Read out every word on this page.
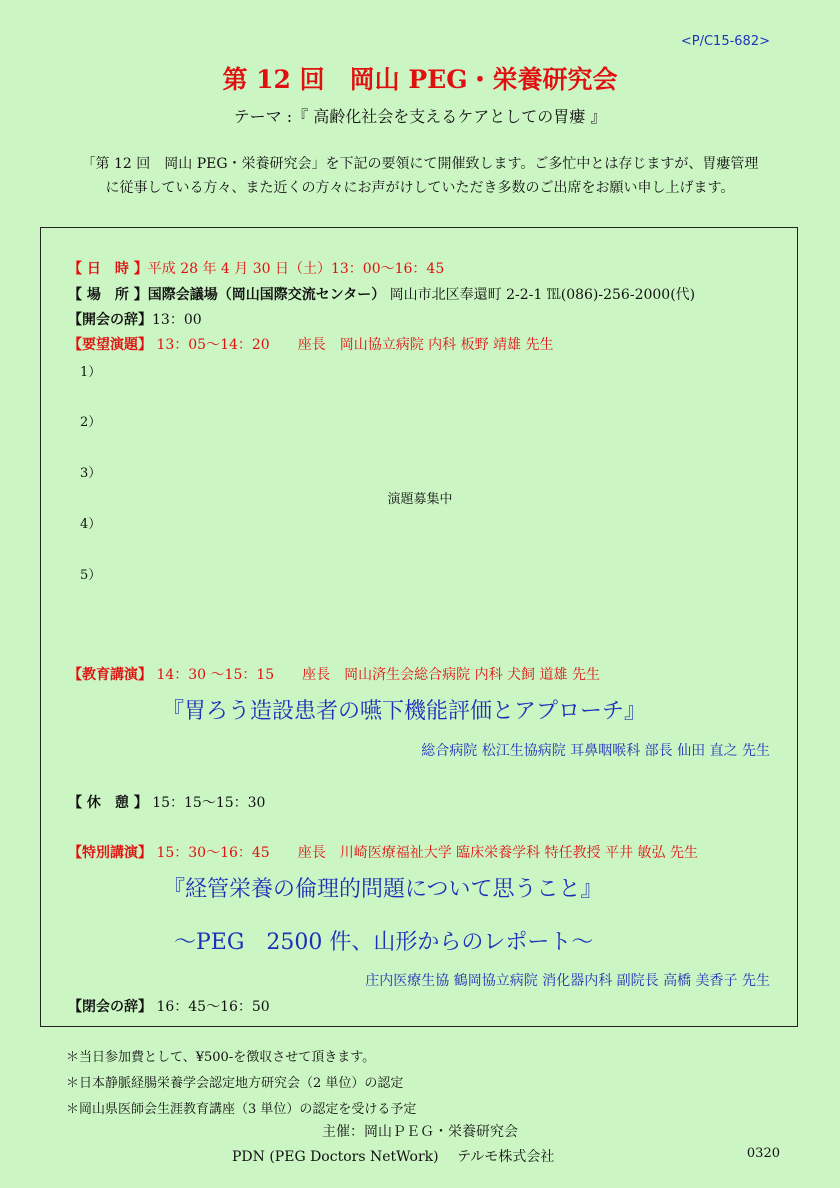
<P/C15-682>
第 12 回　岡山 PEG・栄養研究会
テーマ :『 高齢化社会を支えるケアとしての胃瘻 』
「第 12 回　岡山 PEG・栄養研究会」を下記の要領にて開催致します。ご多忙中とは存じますが、胃瘻管理
に従事している方々、また近くの方々にお声がけしていただき多数のご出席をお願い申し上げます。
【 日　時 】平成 28 年 4 月 30 日（土）13：00〜16：45
【 場　所 】国際会議場（岡山国際交流センター） 岡山市北区奉還町 2-2-1 ℡(086)-256-2000(代)
【開会の辞】13：00
【要望演題】 13：05〜14：20　　座長　岡山協立病院 内科 板野 靖雄 先生
1）
2）
3）
4）
5）
演題募集中
【教育講演】 14：30 〜15：15　　座長　岡山済生会総合病院 内科 犬飼 道雄 先生
『胃ろう造設患者の嚥下機能評価とアプローチ』
総合病院 松江生協病院 耳鼻咽喉科 部長 仙田 直之 先生
【 休　憩 】 15：15〜15：30
【特別講演】 15：30〜16：45　　座長　川崎医療福祉大学 臨床栄養学科 特任教授 平井 敏弘 先生
『経管栄養の倫理的問題について思うこと』
〜PEG　2500 件、山形からのレポート〜
庄内医療生協 鶴岡協立病院 消化器内科 副院長 高橋 美香子 先生
【閉会の辞】 16：45〜16：50
＊当日参加費として、¥500-を徴収させて頂きます。
＊日本静脈経腸栄養学会認定地方研究会（2 単位）の認定
＊岡山県医師会生涯教育講座（3 単位）の認定を受ける予定
主催：岡山ＰＥＧ・栄養研究会
PDN (PEG Doctors NetWork)　 テルモ株式会社	0320
